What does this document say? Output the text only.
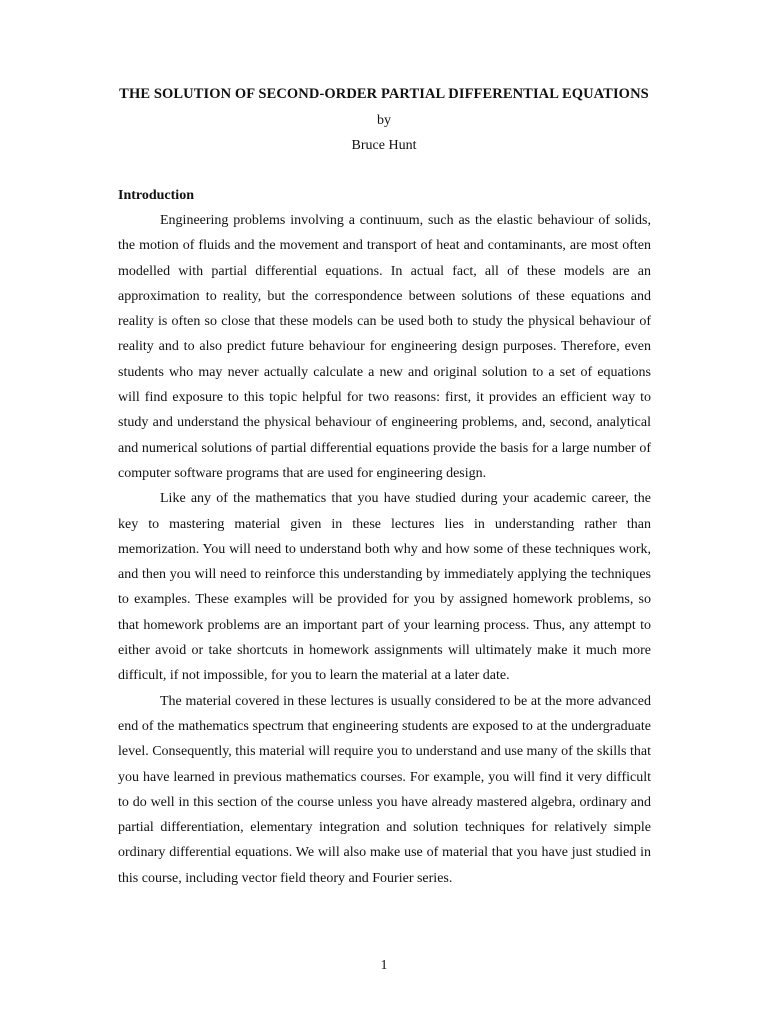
THE SOLUTION OF SECOND-ORDER PARTIAL DIFFERENTIAL EQUATIONS
by
Bruce Hunt
Introduction

Engineering problems involving a continuum, such as the elastic behaviour of solids, the motion of fluids and the movement and transport of heat and contaminants, are most often modelled with partial differential equations. In actual fact, all of these models are an approximation to reality, but the correspondence between solutions of these equations and reality is often so close that these models can be used both to study the physical behaviour of reality and to also predict future behaviour for engineering design purposes. Therefore, even students who may never actually calculate a new and original solution to a set of equations will find exposure to this topic helpful for two reasons: first, it provides an efficient way to study and understand the physical behaviour of engineering problems, and, second, analytical and numerical solutions of partial differential equations provide the basis for a large number of computer software programs that are used for engineering design.

Like any of the mathematics that you have studied during your academic career, the key to mastering material given in these lectures lies in understanding rather than memorization. You will need to understand both why and how some of these techniques work, and then you will need to reinforce this understanding by immediately applying the techniques to examples. These examples will be provided for you by assigned homework problems, so that homework problems are an important part of your learning process. Thus, any attempt to either avoid or take shortcuts in homework assignments will ultimately make it much more difficult, if not impossible, for you to learn the material at a later date.

The material covered in these lectures is usually considered to be at the more advanced end of the mathematics spectrum that engineering students are exposed to at the undergraduate level. Consequently, this material will require you to understand and use many of the skills that you have learned in previous mathematics courses. For example, you will find it very difficult to do well in this section of the course unless you have already mastered algebra, ordinary and partial differentiation, elementary integration and solution techniques for relatively simple ordinary differential equations. We will also make use of material that you have just studied in this course, including vector field theory and Fourier series.

1
